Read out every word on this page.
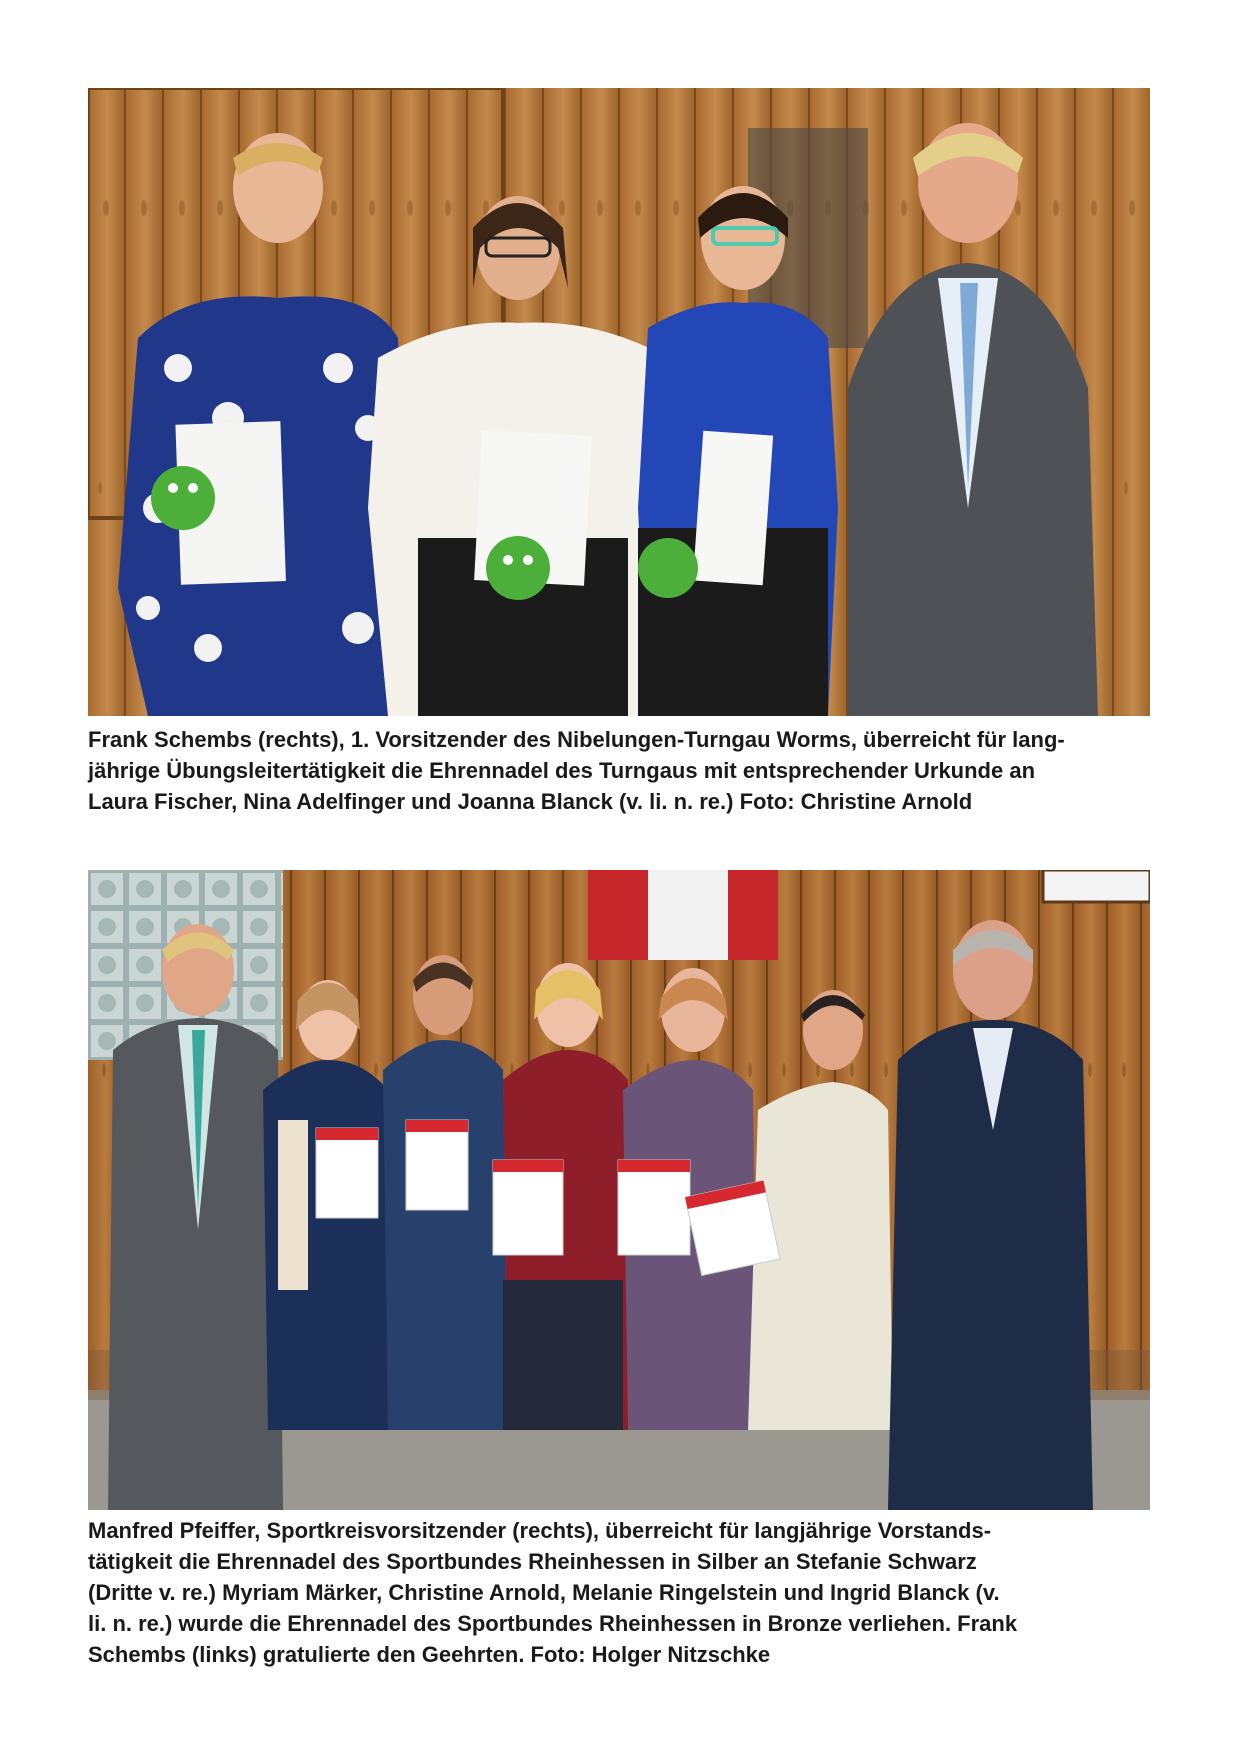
Frank Schembs (rechts), 1. Vorsitzender des Nibelungen-Turngau Worms, überreicht für lang-
jährige Übungsleitertätigkeit die Ehrennadel des Turngaus mit entsprechender Urkunde an
Laura Fischer, Nina Adelfinger und Joanna Blanck (v. li. n. re.) Foto: Christine Arnold

Manfred Pfeiffer, Sportkreisvorsitzender (rechts), überreicht für langjährige Vorstands-
tätigkeit die Ehrennadel des Sportbundes Rheinhessen in Silber an Stefanie Schwarz
(Dritte v. re.) Myriam Märker, Christine Arnold, Melanie Ringelstein und Ingrid Blanck (v.
li. n. re.) wurde die Ehrennadel des Sportbundes Rheinhessen in Bronze verliehen. Frank
Schembs (links) gratulierte den Geehrten. Foto: Holger Nitzschke
